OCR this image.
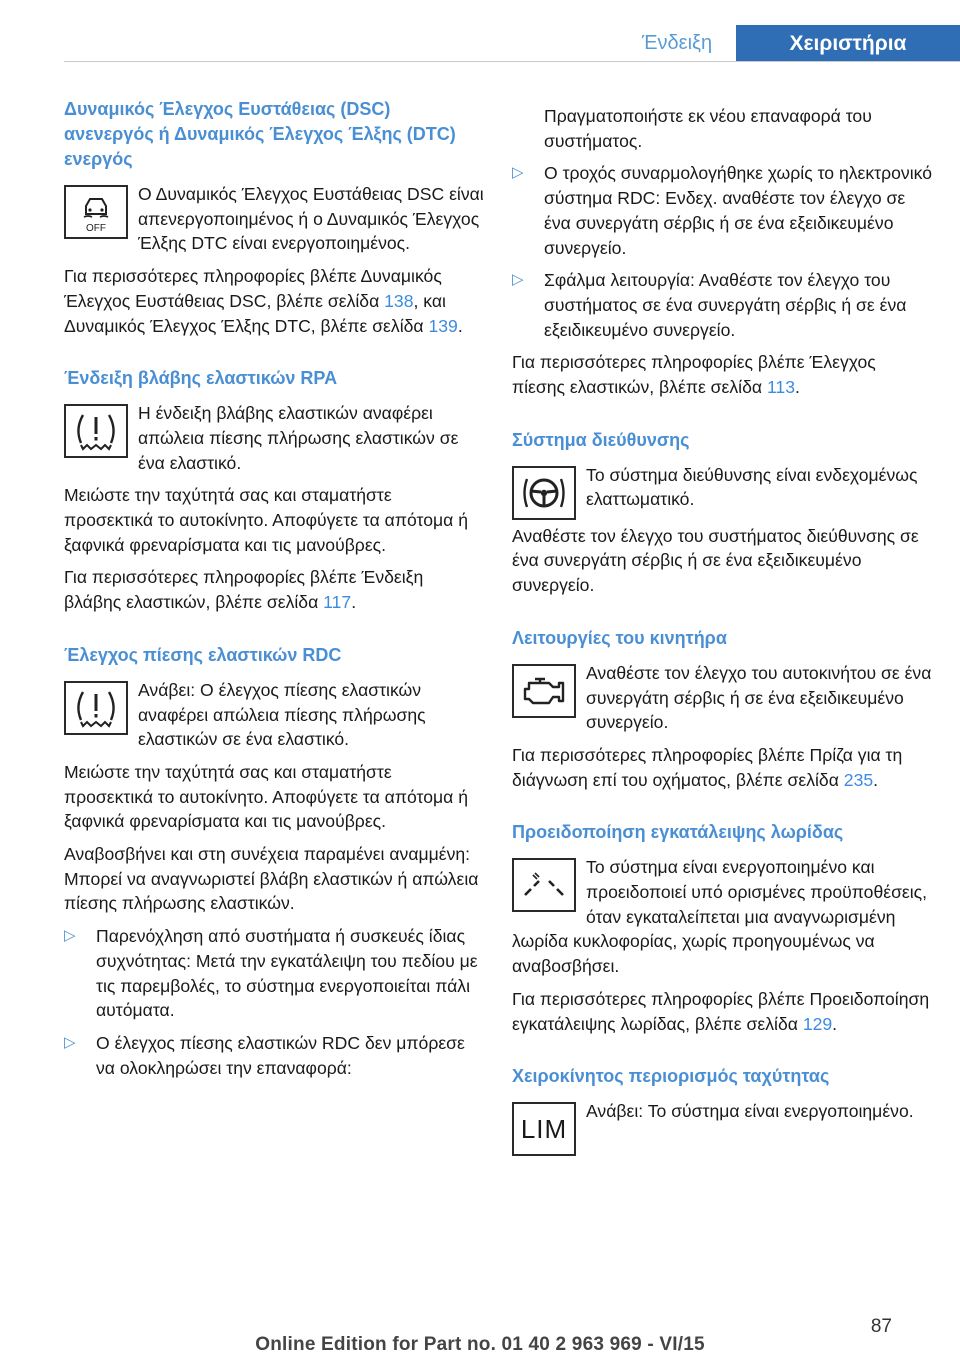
Ένδειξη	Χειριστήρια
Δυναμικός Έλεγχος Ευστάθειας (DSC) ανενεργός ή Δυναμικός Έλεγχος Έλξης (DTC) ενεργός

OFF
Ο Δυναμικός Έλεγχος Ευστάθειας DSC είναι απενεργοποιημένος ή ο Δυναμικός Έλεγχος Έλξης DTC είναι ενεργοποιημένος.

Για περισσότερες πληροφορίες βλέπε Δυναμικός Έλεγχος Ευστάθειας DSC, βλέπε σελίδα 138, και Δυναμικός Έλεγχος Έλξης DTC, βλέπε σελίδα 139.

Ένδειξη βλάβης ελαστικών RPA

Η ένδειξη βλάβης ελαστικών αναφέρει απώλεια πίεσης πλήρωσης ελαστικών σε ένα ελαστικό.

Μειώστε την ταχύτητά σας και σταματήστε προσεκτικά το αυτοκίνητο. Αποφύγετε τα απότομα ή ξαφνικά φρεναρίσματα και τις μανούβρες.

Για περισσότερες πληροφορίες βλέπε Ένδειξη βλάβης ελαστικών, βλέπε σελίδα 117.

Έλεγχος πίεσης ελαστικών RDC

Ανάβει: Ο έλεγχος πίεσης ελαστικών αναφέρει απώλεια πίεσης πλήρωσης ελαστικών σε ένα ελαστικό.

Μειώστε την ταχύτητά σας και σταματήστε προσεκτικά το αυτοκίνητο. Αποφύγετε τα απότομα ή ξαφνικά φρεναρίσματα και τις μανούβρες.

Αναβοσβήνει και στη συνέχεια παραμένει αναμμένη: Μπορεί να αναγνωριστεί βλάβη ελαστικών ή απώλεια πίεσης πλήρωσης ελαστικών.

▷ Παρενόχληση από συστήματα ή συσκευές ίδιας συχνότητας: Μετά την εγκατάλειψη του πεδίου με τις παρεμβολές, το σύστημα ενεργοποιείται πάλι αυτόματα.
▷ Ο έλεγχος πίεσης ελαστικών RDC δεν μπόρεσε να ολοκληρώσει την επαναφορά:

Πραγματοποιήστε εκ νέου επαναφορά του συστήματος.

▷ Ο τροχός συναρμολογήθηκε χωρίς το ηλεκτρονικό σύστημα RDC: Ενδεχ. αναθέστε τον έλεγχο σε ένα συνεργάτη σέρβις ή σε ένα εξειδικευμένο συνεργείο.
▷ Σφάλμα λειτουργία: Αναθέστε τον έλεγχο του συστήματος σε ένα συνεργάτη σέρβις ή σε ένα εξειδικευμένο συνεργείο.

Για περισσότερες πληροφορίες βλέπε Έλεγχος πίεσης ελαστικών, βλέπε σελίδα 113.

Σύστημα διεύθυνσης

Το σύστημα διεύθυνσης είναι ενδεχομένως ελαττωματικό.

Αναθέστε τον έλεγχο του συστήματος διεύθυνσης σε ένα συνεργάτη σέρβις ή σε ένα εξειδικευμένο συνεργείο.

Λειτουργίες του κινητήρα

Αναθέστε τον έλεγχο του αυτοκινήτου σε ένα συνεργάτη σέρβις ή σε ένα εξειδικευμένο συνεργείο.

Για περισσότερες πληροφορίες βλέπε Πρίζα για τη διάγνωση επί του οχήματος, βλέπε σελίδα 235.

Προειδοποίηση εγκατάλειψης λωρίδας

Το σύστημα είναι ενεργοποιημένο και προειδοποιεί υπό ορισμένες προϋποθέσεις, όταν εγκαταλείπεται μια αναγνωρισμένη λωρίδα κυκλοφορίας, χωρίς προηγουμένως να αναβοσβήσει.

Για περισσότερες πληροφορίες βλέπε Προειδοποίηση εγκατάλειψης λωρίδας, βλέπε σελίδα 129.

Χειροκίνητος περιορισμός ταχύτητας

LIM
Ανάβει: Το σύστημα είναι ενεργοποιημένο.

87
Online Edition for Part no. 01 40 2 963 969 - VI/15
